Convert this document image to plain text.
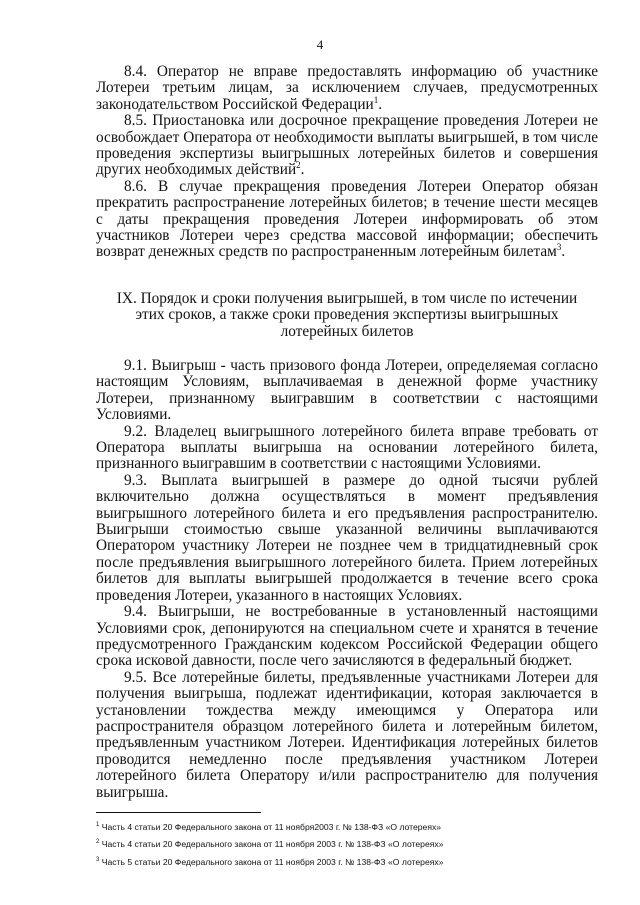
4

8.4. Оператор не вправе предоставлять информацию об участнике Лотереи третьим лицам, за исключением случаев, предусмотренных законодательством Российской Федерации$^1$.

8.5. Приостановка или досрочное прекращение проведения Лотереи не освобождает Оператора от необходимости выплаты выигрышей, в том числе проведения экспертизы выигрышных лотерейных билетов и совершения других необходимых действий$^2$.

8.6. В случае прекращения проведения Лотереи Оператор обязан прекратить распространение лотерейных билетов; в течение шести месяцев с даты прекращения проведения Лотереи информировать об этом участников Лотереи через средства массовой информации; обеспечить возврат денежных средств по распространенным лотерейным билетам$^3$.

IX. Порядок и сроки получения выигрышей, в том числе по истечении этих сроков, а также сроки проведения экспертизы выигрышных лотерейных билетов

9.1. Выигрыш - часть призового фонда Лотереи, определяемая согласно настоящим Условиям, выплачиваемая в денежной форме участнику Лотереи, признанному выигравшим в соответствии с настоящими Условиями.

9.2. Владелец выигрышного лотерейного билета вправе требовать от Оператора выплаты выигрыша на основании лотерейного билета, признанного выигравшим в соответствии с настоящими Условиями.

9.3. Выплата выигрышей в размере до одной тысячи рублей включительно должна осуществляться в момент предъявления выигрышного лотерейного билета и его предъявления распространителю. Выигрыши стоимостью свыше указанной величины выплачиваются Оператором участнику Лотереи не позднее чем в тридцатидневный срок после предъявления выигрышного лотерейного билета. Прием лотерейных билетов для выплаты выигрышей продолжается в течение всего срока проведения Лотереи, указанного в настоящих Условиях.

9.4. Выигрыши, не востребованные в установленный настоящими Условиями срок, депонируются на специальном счете и хранятся в течение предусмотренного Гражданским кодексом Российской Федерации общего срока исковой давности, после чего зачисляются в федеральный бюджет.

9.5. Все лотерейные билеты, предъявленные участниками Лотереи для получения выигрыша, подлежат идентификации, которая заключается в установлении тождества между имеющимся у Оператора или распространителя образцом лотерейного билета и лотерейным билетом, предъявленным участником Лотереи. Идентификация лотерейных билетов проводится немедленно после предъявления участником Лотереи лотерейного билета Оператору и/или распространителю для получения выигрыша.

$^1$ Часть 4 статьи 20 Федерального закона от 11 ноября2003 г. № 138-ФЗ «О лотереях»
$^2$ Часть 4 статьи 20 Федерального закона от 11 ноября 2003 г. № 138-ФЗ «О лотереях»
$^3$ Часть 5 статьи 20 Федерального закона от 11 ноября 2003 г. № 138-ФЗ «О лотереях»
